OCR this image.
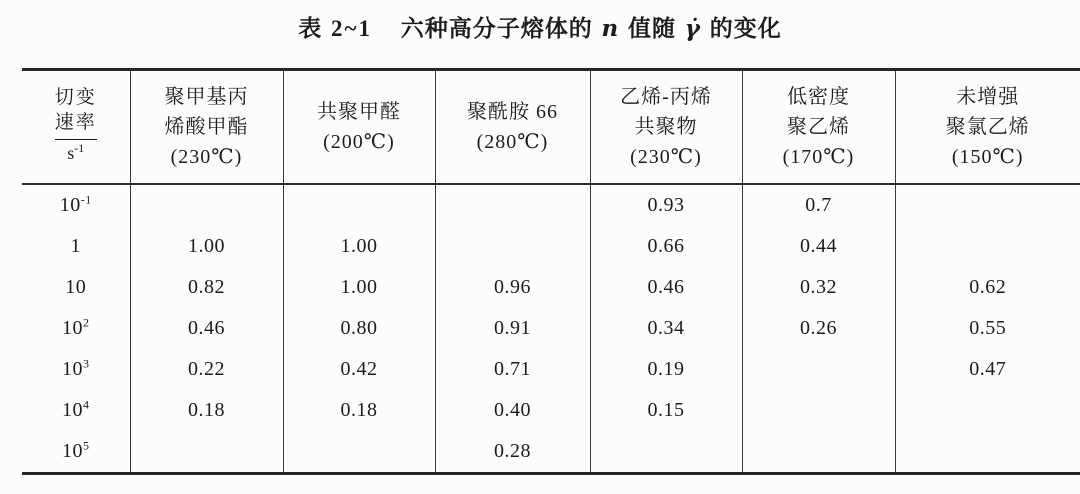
表 2~1 六种高分子熔体的 n 值随 γ̇ 的变化
切变
速率
$s^{-1}$

聚甲基丙
烯酸甲酯
(230℃)

共聚甲醛
(200℃)

聚酰胺 66
(280℃)

乙烯-丙烯
共聚物
(230℃)

低密度
聚乙烯
(170℃)

未增强
聚氯乙烯
(150℃)

$10^{-1}$				0.93	0.7	
1	1.00	1.00		0.66	0.44	
10	0.82	1.00	0.96	0.46	0.32	0.62
$10^2$	0.46	0.80	0.91	0.34	0.26	0.55
$10^3$	0.22	0.42	0.71	0.19		0.47
$10^4$	0.18	0.18	0.40	0.15		
$10^5$			0.28			
